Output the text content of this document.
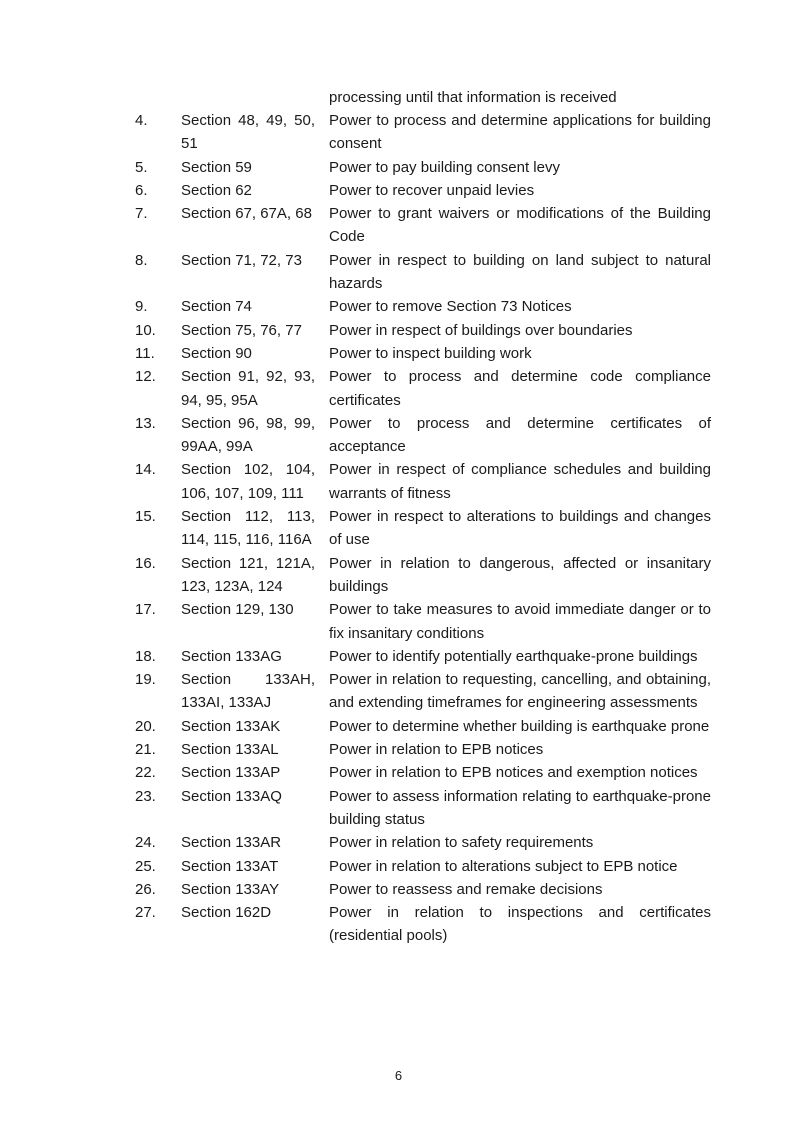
processing until that information is received
4.	Section 48, 49, 50, 51	Power to process and determine applications for building consent
5.	Section 59	Power to pay building consent levy
6.	Section 62	Power to recover unpaid levies
7.	Section 67, 67A, 68	Power to grant waivers or modifications of the Building Code
8.	Section 71, 72, 73	Power in respect to building on land subject to natural hazards
9.	Section 74	Power to remove Section 73 Notices
10.	Section 75, 76, 77	Power in respect of buildings over boundaries
11.	Section 90	Power to inspect building work
12.	Section 91, 92, 93, 94, 95, 95A	Power to process and determine code compliance certificates
13.	Section 96, 98, 99, 99AA, 99A	Power to process and determine certificates of acceptance
14.	Section 102, 104, 106, 107, 109, 111	Power in respect of compliance schedules and building warrants of fitness
15.	Section 112, 113, 114, 115, 116, 116A	Power in respect to alterations to buildings and changes of use
16.	Section 121, 121A, 123, 123A, 124	Power in relation to dangerous, affected or insanitary buildings
17.	Section 129, 130	Power to take measures to avoid immediate danger or to fix insanitary conditions
18.	Section 133AG	Power to identify potentially earthquake-prone buildings
19.	Section 133AH, 133AI, 133AJ	Power in relation to requesting, cancelling, and obtaining, and extending timeframes for engineering assessments
20.	Section 133AK	Power to determine whether building is earthquake prone
21.	Section 133AL	Power in relation to EPB notices
22.	Section 133AP	Power in relation to EPB notices and exemption notices
23.	Section 133AQ	Power to assess information relating to earthquake-prone building status
24.	Section 133AR	Power in relation to safety requirements
25.	Section 133AT	Power in relation to alterations subject to EPB notice
26.	Section 133AY	Power to reassess and remake decisions
27.	Section 162D	Power in relation to inspections and certificates (residential pools)
6
